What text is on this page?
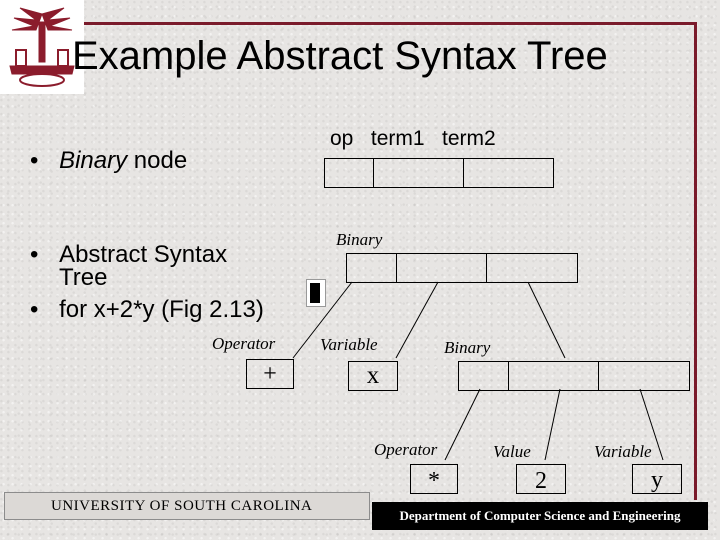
Example Abstract Syntax Tree
• Binary node
• Abstract Syntax
Tree
• for x+2*y (Fig 2.13)
op   term1   term2
Binary
Operator
+
Variable
x
Binary
Operator
*
Value
2
Variable
y
UNIVERSITY OF SOUTH CAROLINA
Department of Computer Science and Engineering
